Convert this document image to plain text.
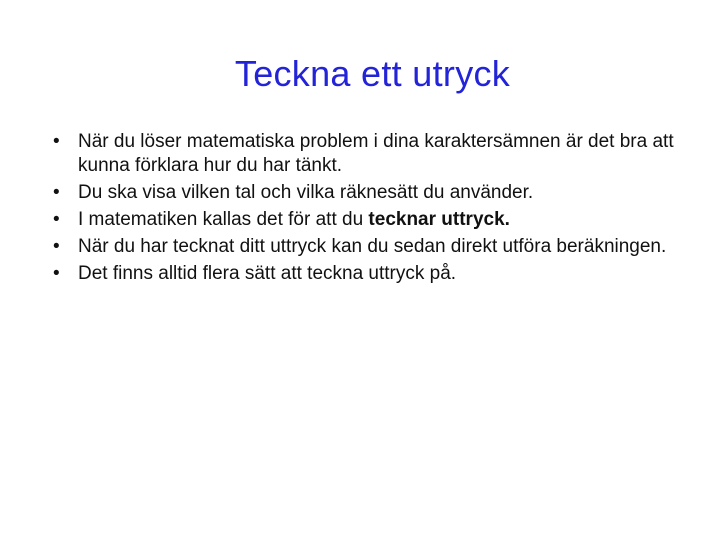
Teckna ett utryck
• När du löser matematiska problem i dina karaktersämnen är det bra att kunna förklara hur du har tänkt.
• Du ska visa vilken tal och vilka räknesätt du använder.
• I matematiken kallas det för att du tecknar uttryck.
• När du har tecknat ditt uttryck kan du sedan direkt utföra beräkningen.
• Det finns alltid flera sätt att teckna uttryck på.
